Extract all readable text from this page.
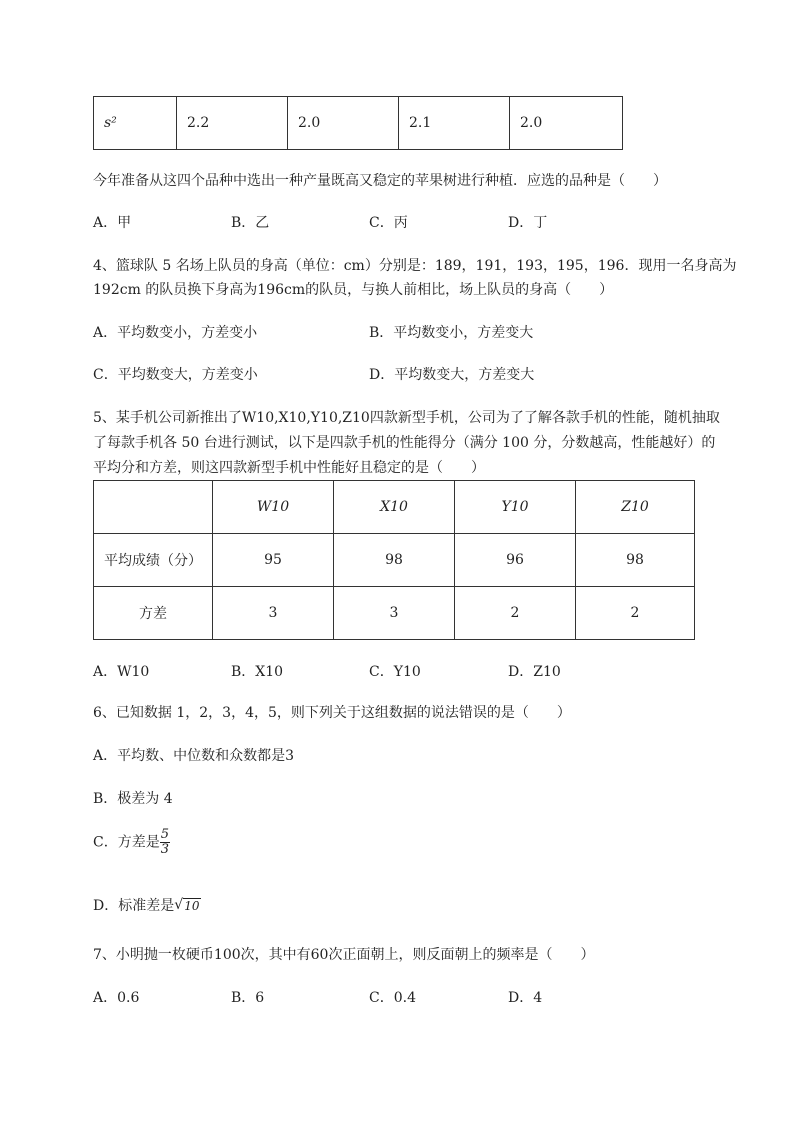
s²	2.2	2.0	2.1	2.0
今年准备从这四个品种中选出一种产量既高又稳定的苹果树进行种植．应选的品种是（　　）
A．甲	B．乙	C．丙	D．丁
4、篮球队 5 名场上队员的身高（单位：cm）分别是：189，191，193，195，196．现用一名身高为
192cm 的队员换下身高为196cm的队员，与换人前相比，场上队员的身高（　　）
A．平均数变小，方差变小	B．平均数变小，方差变大
C．平均数变大，方差变小	D．平均数变大，方差变大
5、某手机公司新推出了W10,X10,Y10,Z10四款新型手机，公司为了了解各款手机的性能，随机抽取
了每款手机各 50 台进行测试，以下是四款手机的性能得分（满分 100 分，分数越高，性能越好）的
平均分和方差，则这四款新型手机中性能好且稳定的是（　　）
	W10	X10	Y10	Z10
平均成绩（分）	95	98	96	98
方差	3	3	2	2
A．W10	B．X10	C．Y10	D．Z10
6、已知数据 1，2，3，4，5，则下列关于这组数据的说法错误的是（　　）
A．平均数、中位数和众数都是3
B．极差为 4
C．方差是 $\frac{5}{3}$
D．标准差是 √ 10
7、小明抛一枚硬币100次，其中有60次正面朝上，则反面朝上的频率是（　　）
A．0.6	B．6	C．0.4	D．4
